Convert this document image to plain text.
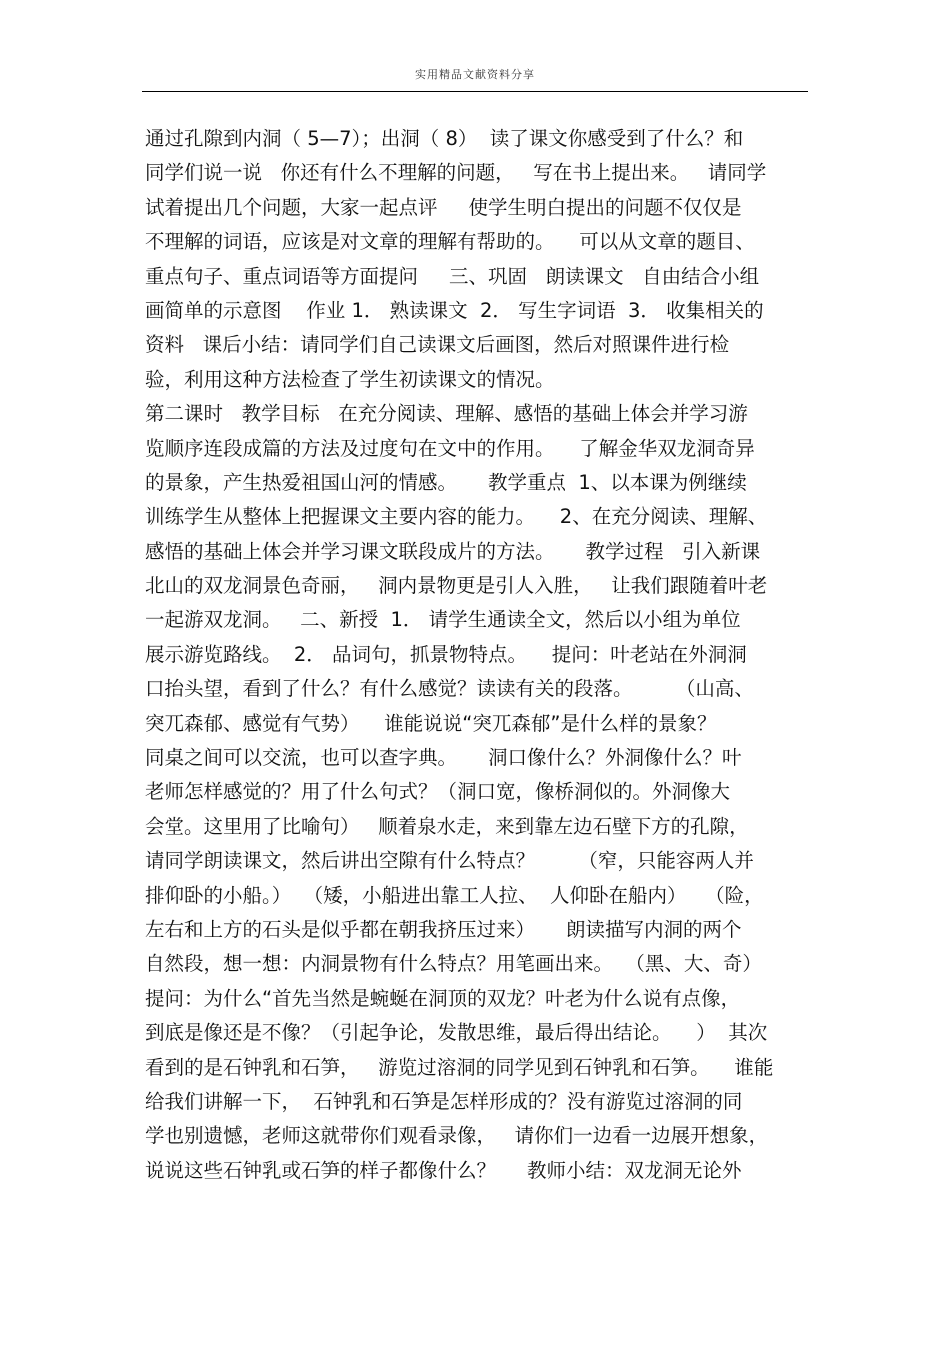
实用精品文献资料分享
通过孔隙到内洞（ 5—7）；出洞（ 8）  读了课文你感受到了什么？和
同学们说一说   你还有什么不理解的问题，   写在书上提出来。   请同学
试着提出几个问题，大家一起点评     使学生明白提出的问题不仅仅是
不理解的词语，应该是对文章的理解有帮助的。    可以从文章的题目、
重点句子、重点词语等方面提问     三、巩固   朗读课文   自由结合小组
画简单的示意图    作业 1． 熟读课文  2． 写生字词语  3． 收集相关的
资料   课后小结：请同学们自己读课文后画图，然后对照课件进行检
验，利用这种方法检查了学生初读课文的情况。
第二课时   教学目标   在充分阅读、理解、感悟的基础上体会并学习游
览顺序连段成篇的方法及过度句在文中的作用。    了解金华双龙洞奇异
的景象，产生热爱祖国山河的情感。     教学重点  1、以本课为例继续
训练学生从整体上把握课文主要内容的能力。    2、在充分阅读、理解、
感悟的基础上体会并学习课文联段成片的方法。     教学过程   引入新课
北山的双龙洞景色奇丽，   洞内景物更是引人入胜，   让我们跟随着叶老
一起游双龙洞。   二、新授  1． 请学生通读全文，然后以小组为单位
展示游览路线。  2． 品词句，抓景物特点。    提问：叶老站在外洞洞
口抬头望，看到了什么？有什么感觉？读读有关的段落。       （山高、
突兀森郁、感觉有气势）    谁能说说“突兀森郁”是什么样的景象？
同桌之间可以交流，也可以查字典。     洞口像什么？外洞像什么？叶
老师怎样感觉的？用了什么句式？（洞口宽，像桥洞似的。外洞像大
会堂。这里用了比喻句）   顺着泉水走，来到靠左边石壁下方的孔隙，
请同学朗读课文，然后讲出空隙有什么特点？       （窄，只能容两人并
排仰卧的小船。）  （矮，小船进出靠工人拉、  人仰卧在船内）   （险，
左右和上方的石头是似乎都在朝我挤压过来）     朗读描写内洞的两个
自然段，想一想：内洞景物有什么特点？用笔画出来。  （黑、大、奇）
提问：为什么“首先当然是蜿蜒在洞顶的双龙？叶老为什么说有点像，
到底是像还是不像？（引起争论，发散思维，最后得出结论。    ）  其次
看到的是石钟乳和石笋，   游览过溶洞的同学见到石钟乳和石笋。    谁能
给我们讲解一下，  石钟乳和石笋是怎样形成的？没有游览过溶洞的同
学也别遗憾，老师这就带你们观看录像，   请你们一边看一边展开想象，
说说这些石钟乳或石笋的样子都像什么？     教师小结：双龙洞无论外
